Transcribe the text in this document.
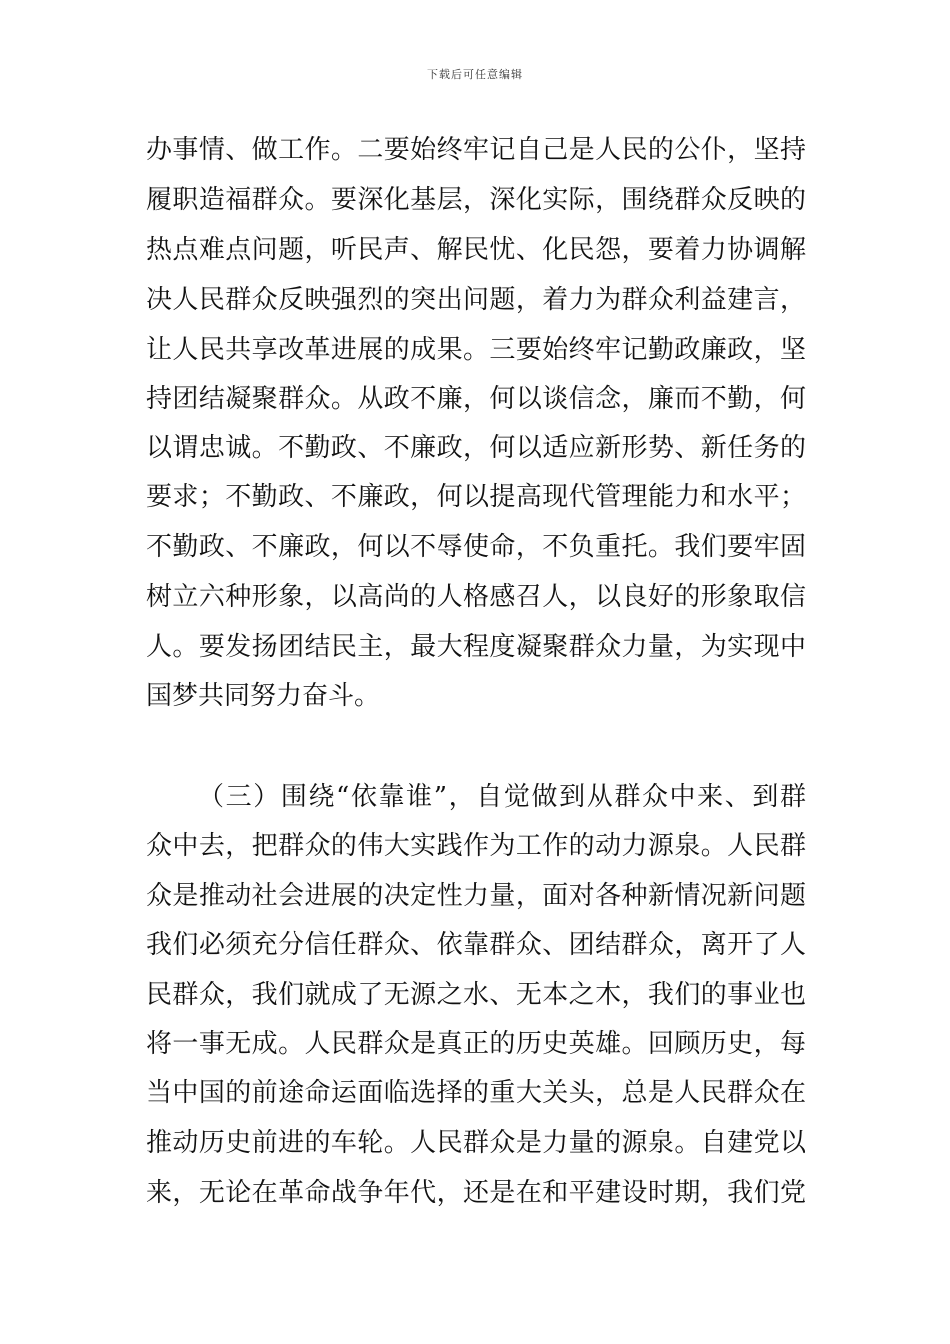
下载后可任意编辑
办事情、做工作。二要始终牢记自己是人民的公仆，坚持
履职造福群众。要深化基层，深化实际，围绕群众反映的
热点难点问题，听民声、解民忧、化民怨，要着力协调解
决人民群众反映强烈的突出问题，着力为群众利益建言，
让人民共享改革进展的成果。三要始终牢记勤政廉政，坚
持团结凝聚群众。从政不廉，何以谈信念，廉而不勤，何
以谓忠诚。不勤政、不廉政，何以适应新形势、新任务的
要求；不勤政、不廉政，何以提高现代管理能力和水平；
不勤政、不廉政，何以不辱使命，不负重托。我们要牢固
树立六种形象，以高尚的人格感召人，以良好的形象取信
人。要发扬团结民主，最大程度凝聚群众力量，为实现中
国梦共同努力奋斗。
（三）围绕“依靠谁”，自觉做到从群众中来、到群
众中去，把群众的伟大实践作为工作的动力源泉。人民群
众是推动社会进展的决定性力量，面对各种新情况新问题
我们必须充分信任群众、依靠群众、团结群众，离开了人
民群众，我们就成了无源之水、无本之木，我们的事业也
将一事无成。人民群众是真正的历史英雄。回顾历史，每
当中国的前途命运面临选择的重大关头，总是人民群众在
推动历史前进的车轮。人民群众是力量的源泉。自建党以
来，无论在革命战争年代，还是在和平建设时期，我们党
